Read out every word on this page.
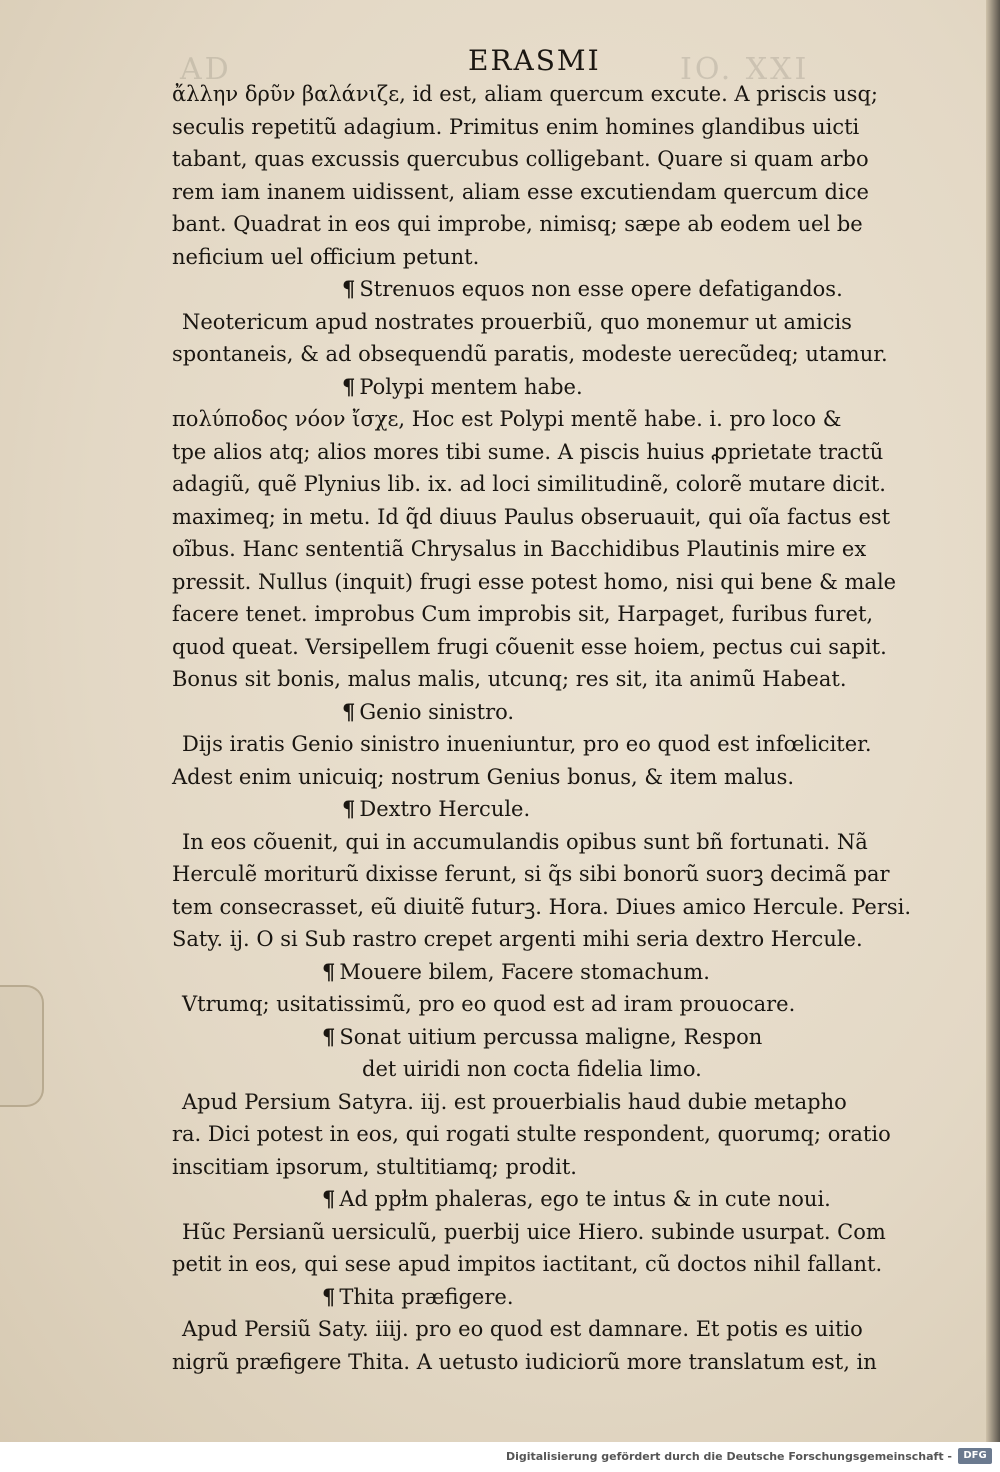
AD	IO. XXI
ERASMI
ἄλλην δρῦν βαλάνιζε, id est, aliam quercum excute. A priscis usq;
seculis repetitũ adagium. Primitus enim homines glandibus uicti
tabant, quas excussis quercubus colligebant. Quare si quam arbo
rem iam inanem uidissent, aliam esse excutiendam quercum dice
bant. Quadrat in eos qui improbe, nimisq; sæpe ab eodem uel be
neficium uel officium petunt.
¶ Strenuos equos non esse opere defatigandos.
Neotericum apud nostrates prouerbiũ, quo monemur ut amicis
spontaneis, & ad obsequendũ paratis, modeste uerecũdeq; utamur.
¶ Polypi mentem habe.
πολύποδος νόον ἴσχε, Hoc est Polypi mentẽ habe. i. pro loco &
tpe alios atq; alios mores tibi sume. A piscis huius ꝓprietate tractũ
adagiũ, quẽ Plynius lib. ix. ad loci similitudinẽ, colorẽ mutare dicit.
maximeq; in metu. Id q̃d diuus Paulus obseruauit, qui oĩa factus est
oĩbus. Hanc sententiã Chrysalus in Bacchidibus Plautinis mire ex
pressit. Nullus (inquit) frugi esse potest homo, nisi qui bene & male
facere tenet. improbus Cum improbis sit, Harpaget, furibus furet,
quod queat. Versipellem frugi cõuenit esse hoiem, pectus cui sapit.
Bonus sit bonis, malus malis, utcunq; res sit, ita animũ Habeat.
¶ Genio sinistro.
Dijs iratis Genio sinistro inueniuntur, pro eo quod est infœliciter.
Adest enim unicuiq; nostrum Genius bonus, & item malus.
¶ Dextro Hercule.
In eos cõuenit, qui in accumulandis opibus sunt bñ fortunati. Nã
Herculẽ moriturũ dixisse ferunt, si q̃s sibi bonorũ suorꝫ decimã par
tem consecrasset, eũ diuitẽ futurꝫ. Hora. Diues amico Hercule. Persi.
Saty. ij. O si Sub rastro crepet argenti mihi seria dextro Hercule.
¶ Mouere bilem, Facere stomachum.
Vtrumq; usitatissimũ, pro eo quod est ad iram prouocare.
¶ Sonat uitium percussa maligne, Respon
det uiridi non cocta fidelia limo.
Apud Persium Satyra. iij. est prouerbialis haud dubie metapho
ra. Dici potest in eos, qui rogati stulte respondent, quorumq; oratio
inscitiam ipsorum, stultitiamq; prodit.
¶ Ad ppłm phaleras, ego te intus & in cute noui.
Hũc Persianũ uersiculũ, puerbij uice Hiero. subinde usurpat. Com
petit in eos, qui sese apud impitos iactitant, cũ doctos nihil fallant.
¶ Thita præfigere.
Apud Persiũ Saty. iiij. pro eo quod est damnare. Et potis es uitio
nigrũ præfigere Thita. A uetusto iudiciorũ more translatum est, in
Digitalisierung gefördert durch die Deutsche Forschungsgemeinschaft -	DFG
